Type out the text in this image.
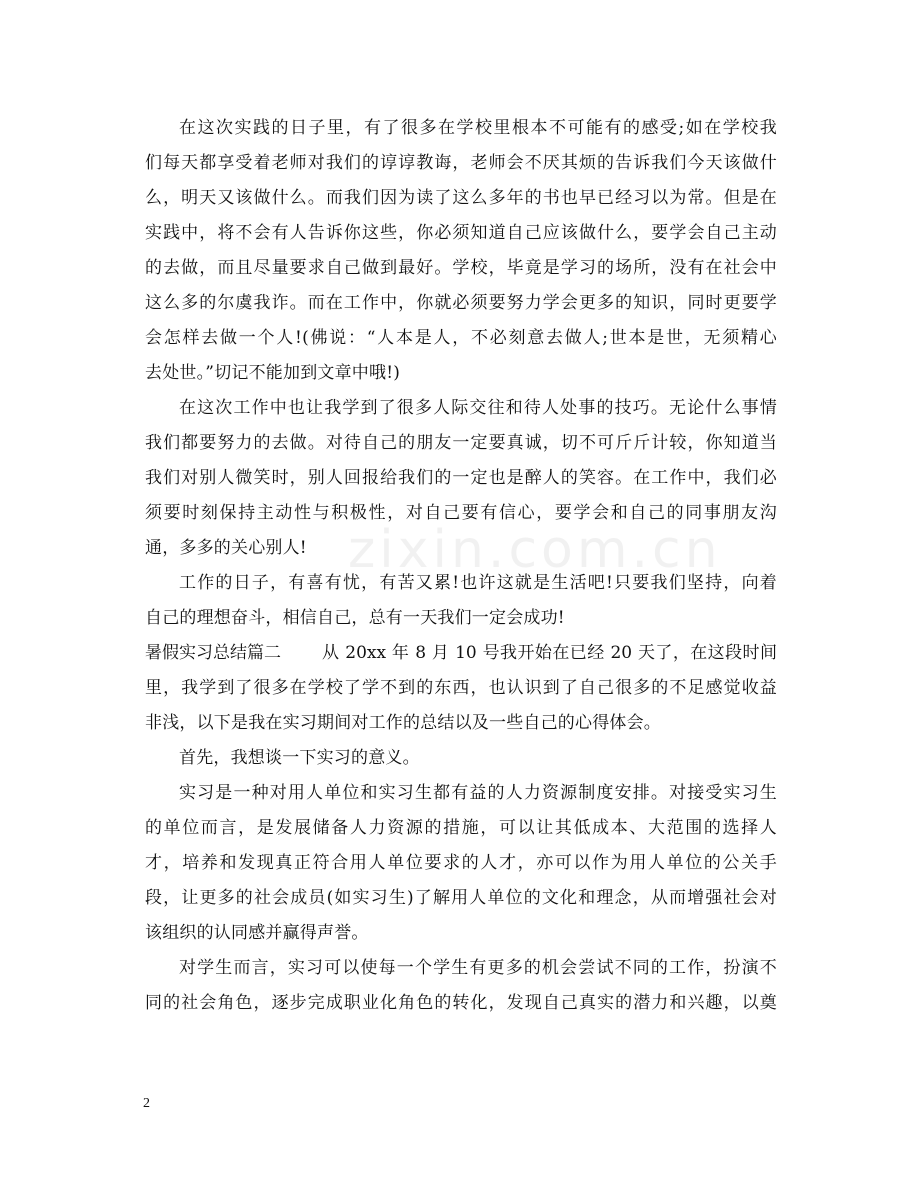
zixin.com.cn
在这次实践的日子里，有了很多在学校里根本不可能有的感受;如在学校我
们每天都享受着老师对我们的谆谆教诲，老师会不厌其烦的告诉我们今天该做什
么，明天又该做什么。而我们因为读了这么多年的书也早已经习以为常。但是在
实践中，将不会有人告诉你这些，你必须知道自己应该做什么，要学会自己主动
的去做，而且尽量要求自己做到最好。学校，毕竟是学习的场所，没有在社会中
这么多的尔虞我诈。而在工作中，你就必须要努力学会更多的知识，同时更要学
会怎样去做一个人!(佛说：“人本是人，不必刻意去做人;世本是世，无须精心
去处世。”切记不能加到文章中哦!)
在这次工作中也让我学到了很多人际交往和待人处事的技巧。无论什么事情
我们都要努力的去做。对待自己的朋友一定要真诚，切不可斤斤计较，你知道当
我们对别人微笑时，别人回报给我们的一定也是醉人的笑容。在工作中，我们必
须要时刻保持主动性与积极性，对自己要有信心，要学会和自己的同事朋友沟
通，多多的关心别人!
工作的日子，有喜有忧，有苦又累!也许这就是生活吧!只要我们坚持，向着
自己的理想奋斗，相信自己，总有一天我们一定会成功!
暑假实习总结篇二	从 20xx 年 8 月 10 号我开始在已经 20 天了，在这段时间
里，我学到了很多在学校了学不到的东西，也认识到了自己很多的不足感觉收益
非浅，以下是我在实习期间对工作的总结以及一些自己的心得体会。
首先，我想谈一下实习的意义。
实习是一种对用人单位和实习生都有益的人力资源制度安排。对接受实习生
的单位而言，是发展储备人力资源的措施，可以让其低成本、大范围的选择人
才，培养和发现真正符合用人单位要求的人才，亦可以作为用人单位的公关手
段，让更多的社会成员(如实习生)了解用人单位的文化和理念，从而增强社会对
该组织的认同感并赢得声誉。
对学生而言，实习可以使每一个学生有更多的机会尝试不同的工作，扮演不
同的社会角色，逐步完成职业化角色的转化，发现自己真实的潜力和兴趣，以奠
2
